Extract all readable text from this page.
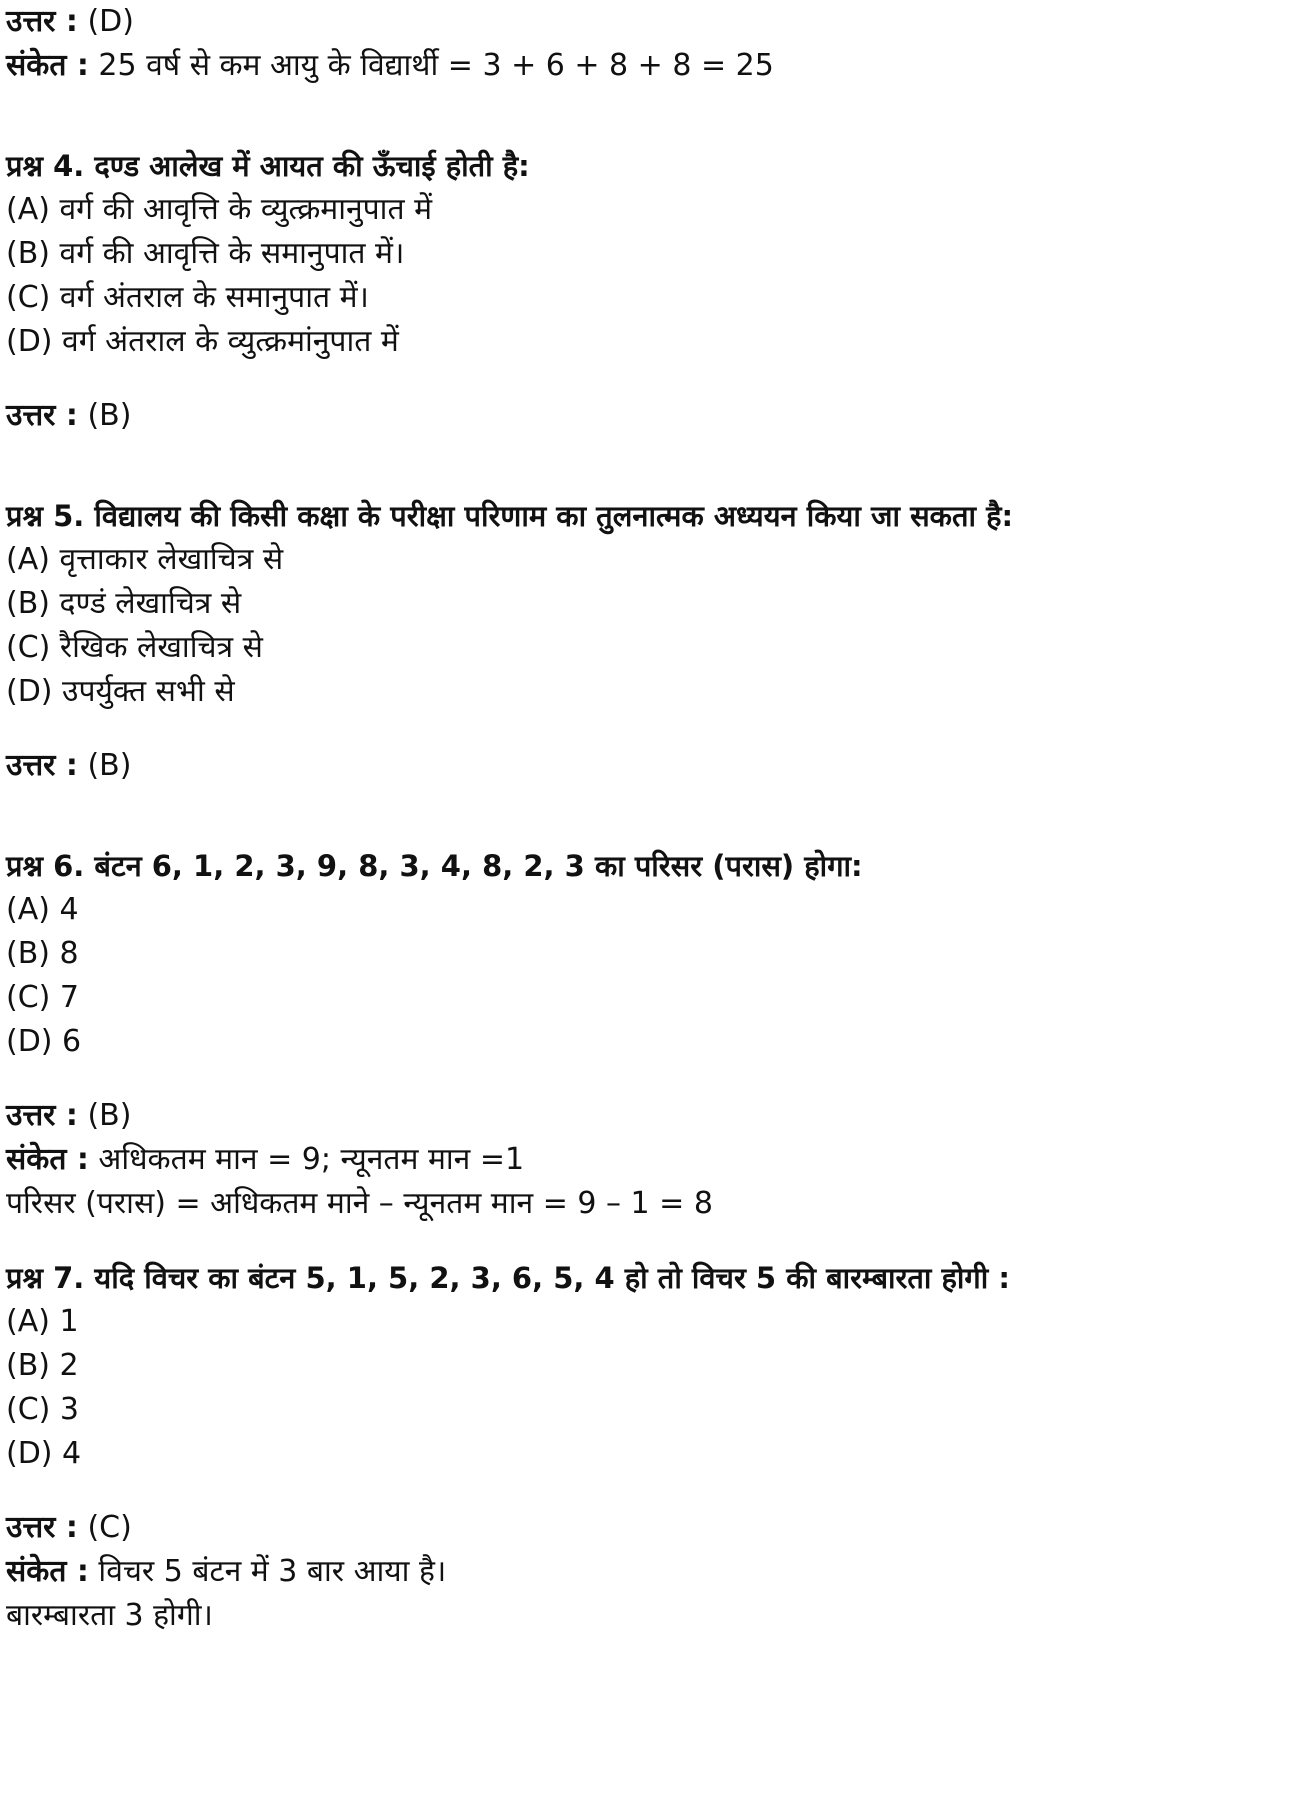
उत्तर : (D)
संकेत : 25 वर्ष से कम आयु के विद्यार्थी = 3 + 6 + 8 + 8 = 25
प्रश्न 4. दण्ड आलेख में आयत की ऊँचाई होती है:
(A) वर्ग की आवृत्ति के व्युत्क्रमानुपात में
(B) वर्ग की आवृत्ति के समानुपात में।
(C) वर्ग अंतराल के समानुपात में।
(D) वर्ग अंतराल के व्युत्क्रमांनुपात में
उत्तर : (B)
प्रश्न 5. विद्यालय की किसी कक्षा के परीक्षा परिणाम का तुलनात्मक अध्ययन किया जा सकता है:
(A) वृत्ताकार लेखाचित्र से
(B) दण्डं लेखाचित्र से
(C) रैखिक लेखाचित्र से
(D) उपर्युक्त सभी से
उत्तर : (B)
प्रश्न 6. बंटन 6, 1, 2, 3, 9, 8, 3, 4, 8, 2, 3 का परिसर (परास) होगा:
(A) 4
(B) 8
(C) 7
(D) 6
उत्तर : (B)
संकेत : अधिकतम मान = 9; न्यूनतम मान =1
परिसर (परास) = अधिकतम माने – न्यूनतम मान = 9 – 1 = 8
प्रश्न 7. यदि विचर का बंटन 5, 1, 5, 2, 3, 6, 5, 4 हो तो विचर 5 की बारम्बारता होगी :
(A) 1
(B) 2
(C) 3
(D) 4
उत्तर : (C)
संकेत : विचर 5 बंटन में 3 बार आया है।
बारम्बारता 3 होगी।
